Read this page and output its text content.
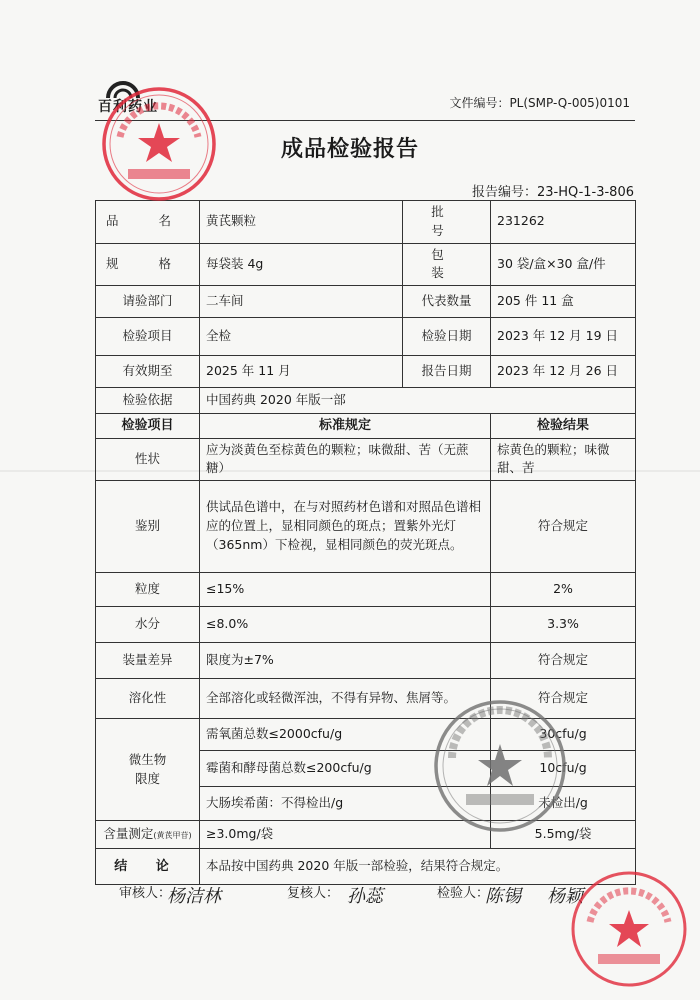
百利药业	文件编号：PL(SMP-Q-005)0101
成品检验报告
报告编号：23-HQ-1-3-806
品 名	黄芪颗粒	批 号	231262
规 格	每袋装 4g	包 装	30 袋/盒×30 盒/件
请验部门	二车间	代表数量	205 件 11 盒
检验项目	全检	检验日期	2023 年 12 月 19 日
有效期至	2025 年 11 月	报告日期	2023 年 12 月 26 日
检验依据	中国药典 2020 年版一部		
检验项目	标准规定		检验结果
性状	应为淡黄色至棕黄色的颗粒；味微甜、苦（无蔗糖）		棕黄色的颗粒；味微甜、苦
鉴别	供试品色谱中，在与对照药材色谱和对照品色谱相应的位置上，显相同颜色的斑点；置紫外光灯（365nm）下检视，显相同颜色的荧光斑点。		符合规定
粒度	≤15%		2%
水分	≤8.0%		3.3%
装量差异	限度为±7%		符合规定
溶化性	全部溶化或轻微浑浊，不得有异物、焦屑等。		符合规定

微生物
限度	需氧菌总数≤2000cfu/g		30cfu/g
	霉菌和酵母菌总数≤200cfu/g		10cfu/g
	大肠埃希菌：不得检出/g		未检出/g
含量测定(黄芪甲苷)	≥3.0mg/袋		5.5mg/袋
结 论	本品按中国药典 2020 年版一部检验，结果符合规定。		
审核人：
杨洁林	复核人： 孙蕊	检验人：
陈锡 杨颖
